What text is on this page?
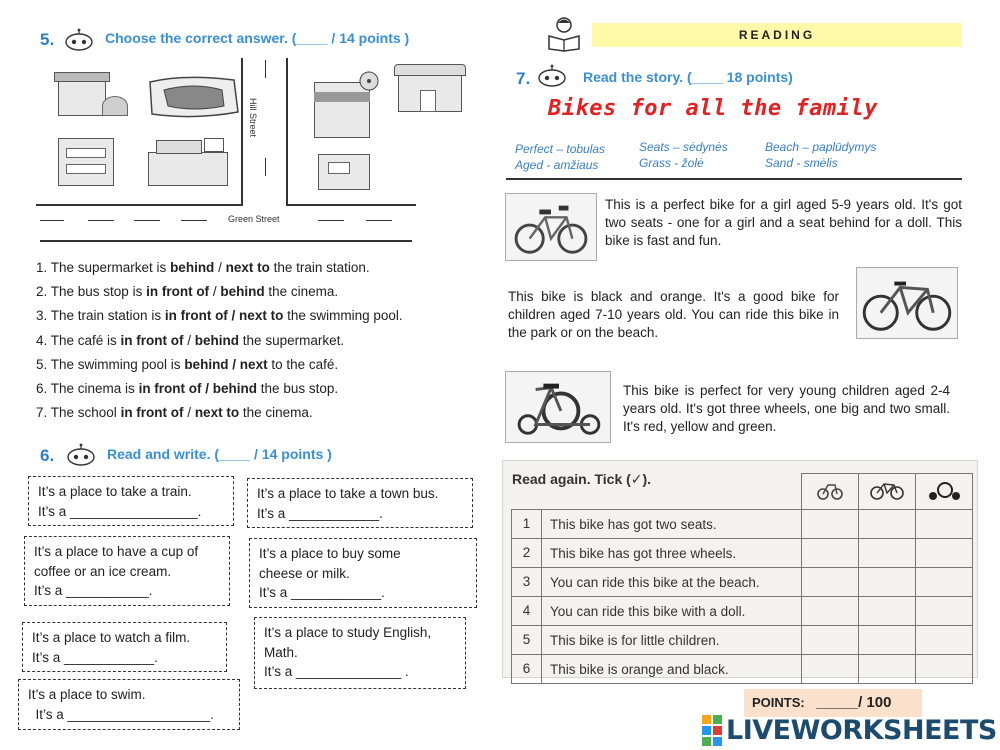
5.	Choose the correct answer. (____ / 14 points )
Hill Street
Green Street
1. The supermarket is behind / next to the train station.
2. The bus stop is in front of / behind the cinema.
3. The train station is in front of / next to the swimming pool.
4. The café is in front of / behind the supermarket.
5. The swimming pool is behind / next to the café.
6. The cinema is in front of / behind the bus stop.
7. The school in front of / next to the cinema.
6.	Read and write. (____ / 14 points )
It’s a place to take a train.
It’s a _________________.
It’s a place to take a town bus.
It’s a ____________.
It’s a place to have a cup of
coffee or an ice cream.
It’s a ___________.
It’s a place to buy some
cheese or milk.
It’s a ____________.
It’s a place to watch a film.
It’s a ____________.
It’s a place to study English,
Math.
It’s a ______________ .
It’s a place to swim.
It’s a ___________________.
READING
7.	Read the story. (____ 18 points)
Bikes for all the family
Perfect – tobulas
Aged - amžiaus
Seats – sėdynės
Grass - žolė
Beach – paplūdymys
Sand - smėlis
This is a perfect bike for a girl aged 5-9 years old. It's got two seats - one for a girl and a seat behind for a doll. This bike is fast and fun.
This bike is black and orange. It's a good bike for children aged 7-10 years old. You can ride this bike in the park or on the beach.
This bike is perfect for very young children aged 2-4 years old. It's got three wheels, one big and two small. It's red, yellow and green.
Read again. Tick (✓).

1 This bike has got two seats.			

2 This bike has got three wheels.			

3 You can ride this bike at the beach.			

4 You can ride this bike with a doll.			

5 This bike is for little children.			

6 This bike is orange and black.			

POINTS: _____/ 100
LIVEWORKSHEETS
